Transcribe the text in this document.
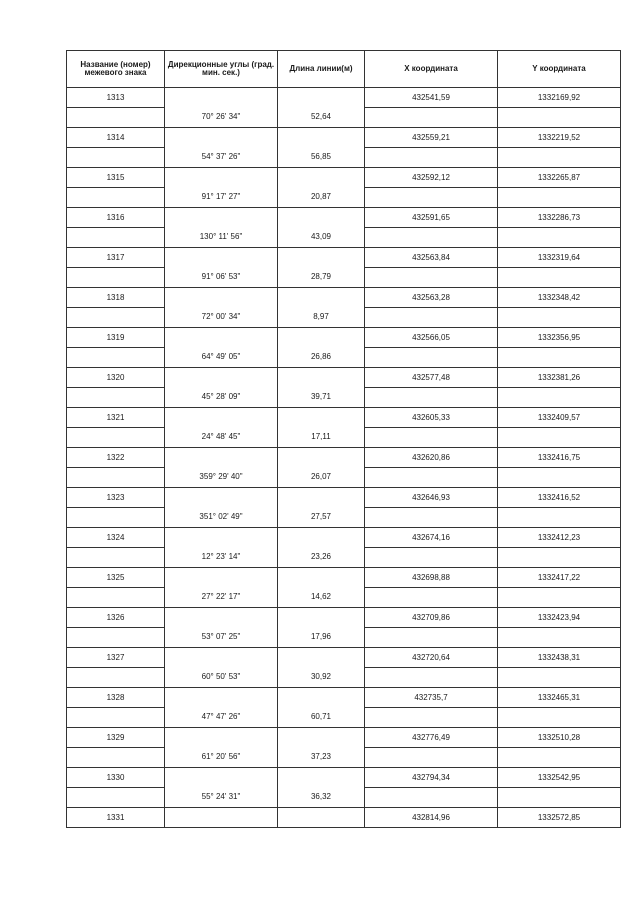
Название (номер) межевого знака	Дирекционные углы (град. мин. сек.)	Длина линии(м)	X координата	Y координата
1313			432541,59	1332169,92
	70° 26' 34"	52,64		
1314			432559,21	1332219,52
	54° 37' 26"	56,85		
1315			432592,12	1332265,87
	91° 17' 27"	20,87		
1316			432591,65	1332286,73
	130° 11' 56"	43,09		
1317			432563,84	1332319,64
	91° 06' 53"	28,79		
1318			432563,28	1332348,42
	72° 00' 34"	8,97		
1319			432566,05	1332356,95
	64° 49' 05"	26,86		
1320			432577,48	1332381,26
	45° 28' 09"	39,71		
1321			432605,33	1332409,57
	24° 48' 45"	17,11		
1322			432620,86	1332416,75
	359° 29' 40"	26,07		
1323			432646,93	1332416,52
	351° 02' 49"	27,57		
1324			432674,16	1332412,23
	12° 23' 14"	23,26		
1325			432698,88	1332417,22
	27° 22' 17"	14,62		
1326			432709,86	1332423,94
	53° 07' 25"	17,96		
1327			432720,64	1332438,31
	60° 50' 53"	30,92		
1328			432735,7	1332465,31
	47° 47' 26"	60,71		
1329			432776,49	1332510,28
	61° 20' 56"	37,23		
1330			432794,34	1332542,95
	55° 24' 31"	36,32		
1331			432814,96	1332572,85
